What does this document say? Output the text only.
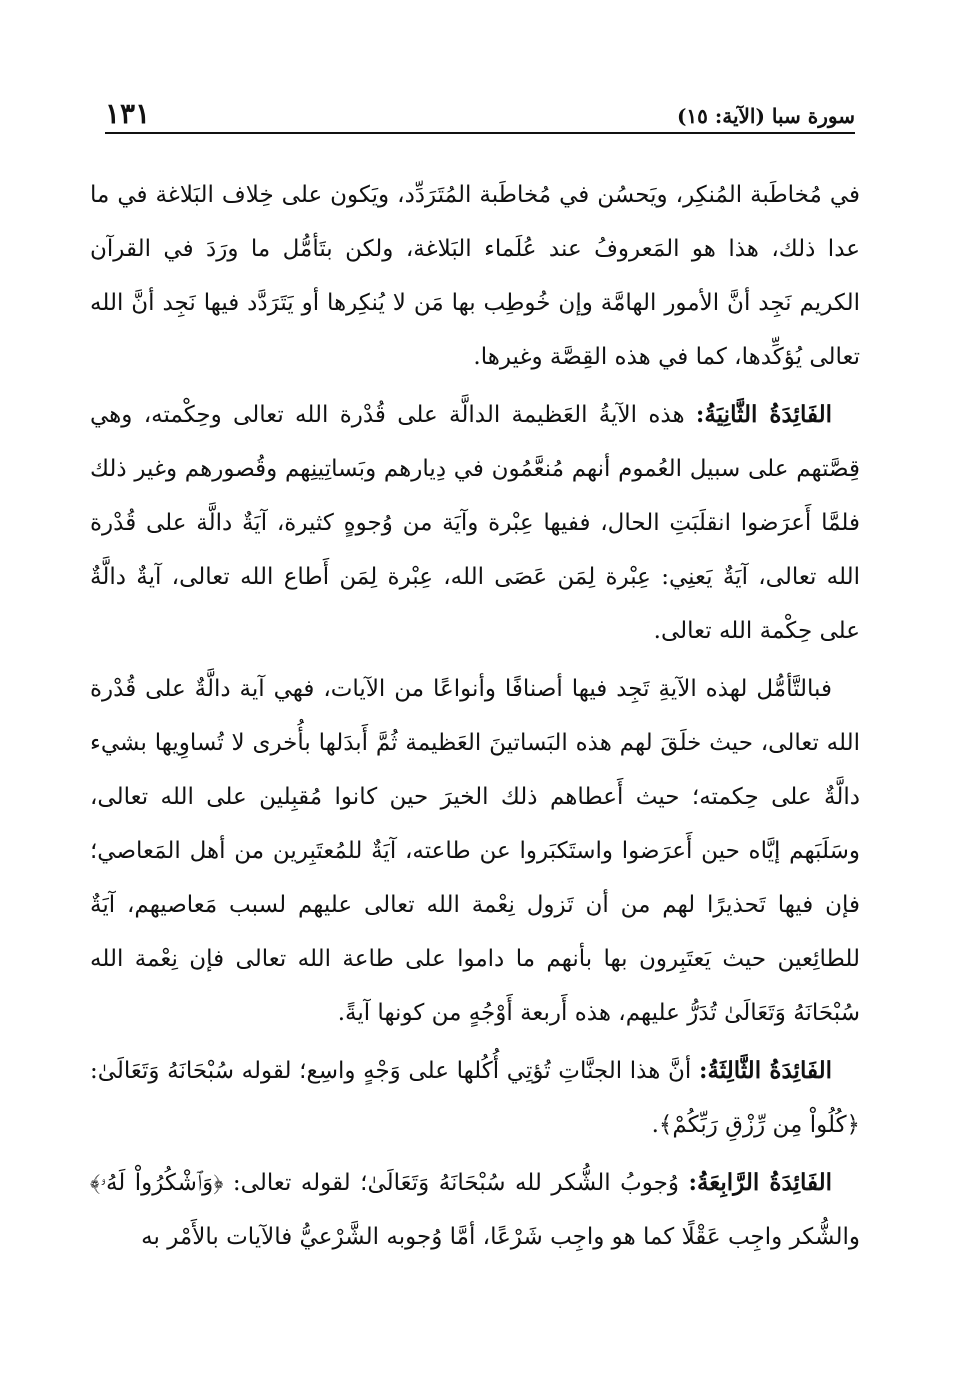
سورة سبا (الآية: ١٥)
١٣١

في مُخاطَبة المُنكِر، ويَحسُن في مُخاطَبة المُتَرَدِّد، ويَكون على خِلاف البَلاغة في ما عدا ذلك، هذا هو المَعروفُ عند عُلَماء البَلاغة، ولكن بتَأمُّل ما ورَدَ في القرآن الكريم نَجِد أنَّ الأمور الهامَّة وإن خُوطِب بها مَن لا يُنكِرها أو يَتَرَدَّد فيها نَجِد أنَّ الله تعالى يُؤكِّدها، كما في هذه القِصَّة وغيرها.

الفَائِدَةُ الثَّانِيَةُ: هذه الآيةُ العَظيمة الدالَّة على قُدْرة الله تعالى وحِكْمته، وهي قِصَّتهم على سبيل العُموم أنهم مُنعَّمُون في دِيارهم وبَساتِينِهم وقُصورهم وغير ذلك فلمَّا أَعرَضوا انقلَبَتِ الحال، ففيها عِبْرة وآيَة من وُجوهٍ كثيرة، آيَةٌ دالَّة على قُدْرة الله تعالى، آيَةٌ يَعنِي: عِبْرة لِمَن عَصَى الله، عِبْرة لِمَن أَطاع الله تعالى، آيةٌ دالَّةٌ على حِكْمة الله تعالى.

فبالتَّأمُّل لهذه الآيةِ تَجِد فيها أصنافًا وأنواعًا من الآيات، فهي آية دالَّةٌ على قُدْرة الله تعالى، حيث خلَقَ لهم هذه البَساتينَ العَظيمة ثُمَّ أَبدَلها بأُخرى لا تُساوِيها بشيء دالَّةٌ على حِكمته؛ حيث أَعطاهم ذلك الخيرَ حين كانوا مُقبِلين على الله تعالى، وسَلَبَهم إيَّاه حين أَعرَضوا واستَكبَروا عن طاعته، آيَةٌ للمُعتَبِرين من أهل المَعاصي؛ فإن فيها تَحذيرًا لهم من أن تَزول نِعْمة الله تعالى عليهم لسبب مَعاصيهم، آيَةٌ للطائِعين حيث يَعتَبِرون بها بأنهم ما داموا على طاعة الله تعالى فإن نِعْمة الله سُبْحَانَهُ وَتَعَالَىٰ تُدَرُّ عليهم، هذه أَربعة أَوْجُهٍ من كونها آيةً.

الفَائِدَةُ الثَّالِثَةُ: أنَّ هذا الجنَّاتِ تُؤتِي أُكُلها على وَجْهٍ واسِع؛ لقوله سُبْحَانَهُ وَتَعَالَىٰ: ﴿كُلُواْ مِن رِّزْقِ رَبِّكُمْ﴾.

الفَائِدَةُ الرَّابِعَةُ: وُجوبُ الشُّكر لله سُبْحَانَهُ وَتَعَالَىٰ؛ لقوله تعالى: ﴿وَٱشْكُرُواْ لَهُۥ﴾ والشُّكر واجِب عَقْلًا كما هو واجِب شَرْعًا، أمَّا وُجوبه الشَّرْعيُّ فالآيات بالأَمْر به
